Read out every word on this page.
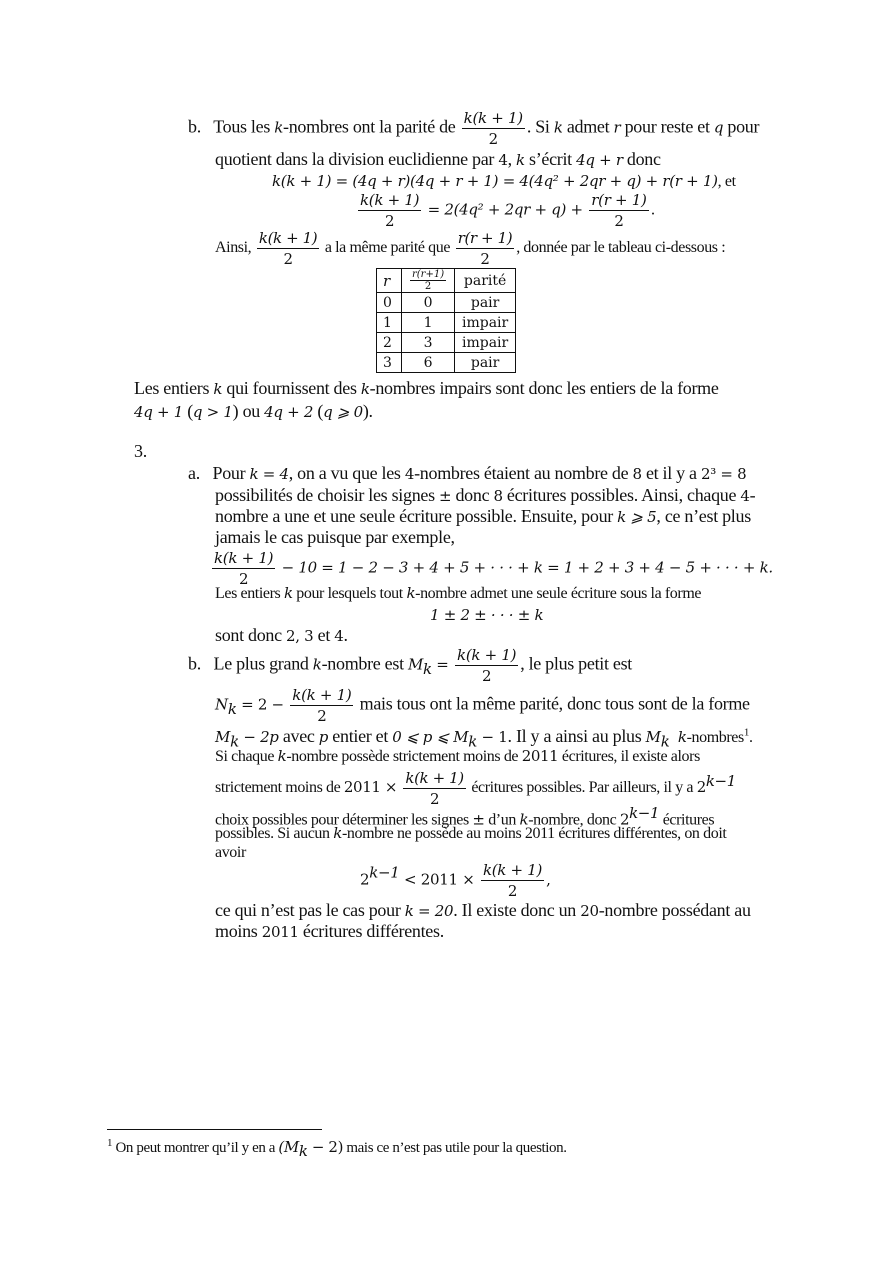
b. Tous les k-nombres ont la parité de $\frac{k(k + 1)}{2}$ . Si k admet r pour reste et q pour
quotient dans la division euclidienne par 4, k s’écrit 4q + r donc
k(k + 1) = (4q + r)(4q + r + 1) = 4(4q² + 2qr + q) + r(r + 1), et
$\frac{k(k + 1)}{2} = 2(4q^2 + 2qr + q) + \frac{r(r + 1)}{2}$ .
Ainsi, $\frac{k(k + 1)}{2}$ a la même parité que $\frac{r(r + 1)}{2}$ , donnée par le tableau ci-dessous :
r	$\frac{r(r+1)}{2}$	parité
0	0	pair
1	1	impair
2	3	impair
3	6	pair
Les entiers k qui fournissent des k-nombres impairs sont donc les entiers de la forme
4q + 1 (q > 1) ou 4q + 2 (q ⩾ 0).
3.
a. Pour k = 4, on a vu que les 4-nombres étaient au nombre de 8 et il y a 2³ = 8
possibilités de choisir les signes ± donc 8 écritures possibles. Ainsi, chaque 4-
nombre a une et une seule écriture possible. Ensuite, pour k ⩾ 5, ce n’est plus
jamais le cas puisque par exemple,
$\frac{k(k + 1)}{2} - 10 = 1 - 2 - 3 + 4 + 5$ + · · · + k = 1 + 2 + 3 + 4 − 5 + · · · + k.
Les entiers k pour lesquels tout k-nombre admet une seule écriture sous la forme
1 ± 2 ± · · · ± k
sont donc 2, 3 et 4.
b. Le plus grand k-nombre est $M_k = \frac{k(k + 1)}{2}$ , le plus petit est
$N_k = 2 - \frac{k(k + 1)}{2}$ mais tous ont la même parité, donc tous sont de la forme
$M_k - 2p$ avec p entier et 0 ⩽ p ⩽ $M_k - 1$. Il y a ainsi au plus $M_k$ k-nombres$^1$.
Si chaque k-nombre possède strictement moins de 2011 écritures, il existe alors
strictement moins de $2011 \times \frac{k(k + 1)}{2}$ écritures possibles. Par ailleurs, il y a $2^{k-1}$
choix possibles pour déterminer les signes ± d’un k-nombre, donc $2^{k-1}$ écritures
possibles. Si aucun k-nombre ne possède au moins 2011 écritures différentes, on doit
avoir
$2^{k-1} < 2011 \times \frac{k(k + 1)}{2}$ ,
ce qui n’est pas le cas pour k = 20. Il existe donc un 20-nombre possédant au
moins 2011 écritures différentes.
$^1$ On peut montrer qu’il y en a $(M_k - 2)$ mais ce n’est pas utile pour la question.
